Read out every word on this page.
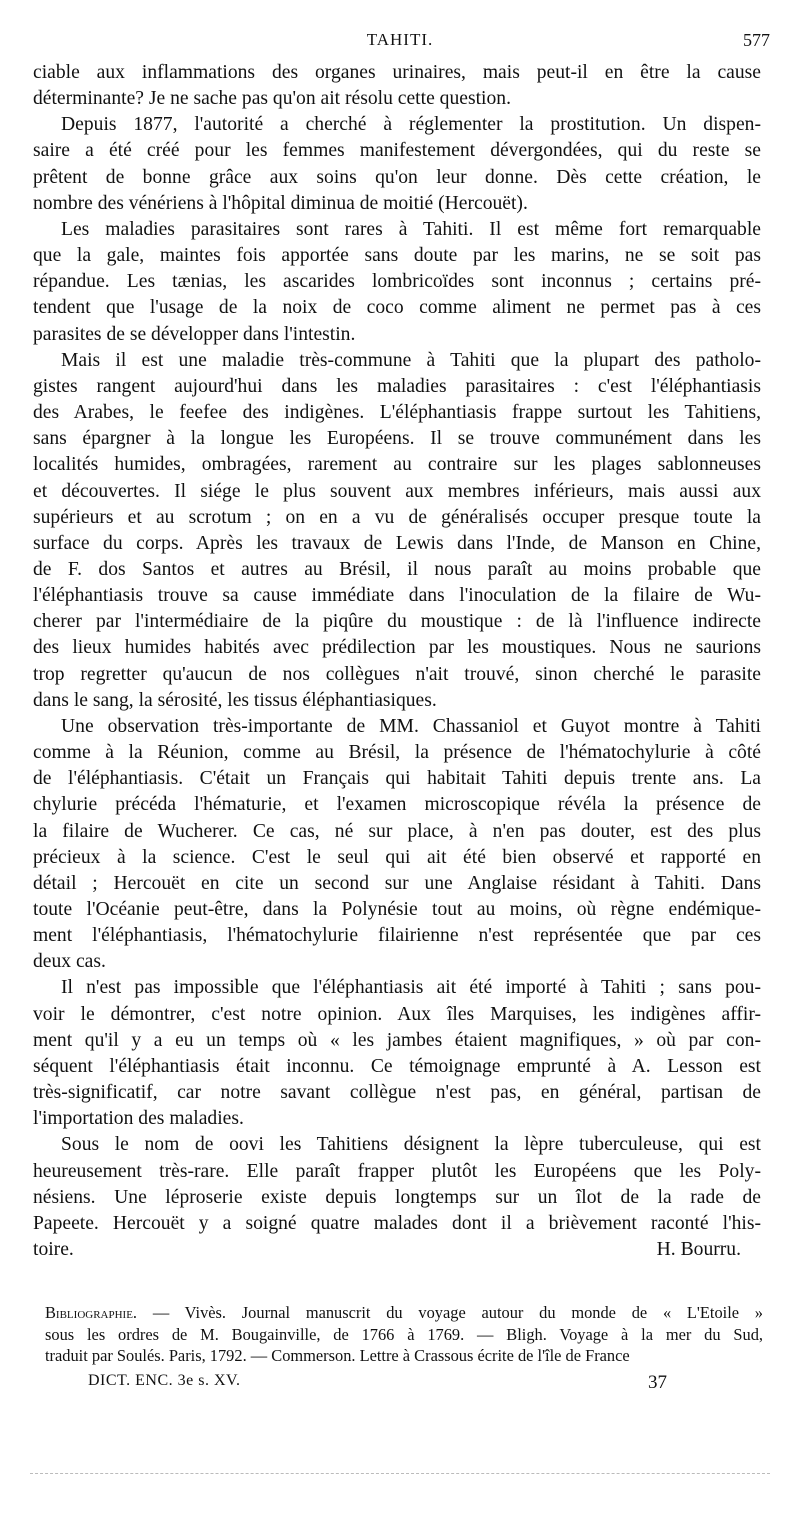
TAHITI.	577
ciable aux inflammations des organes urinaires, mais peut-il en être la cause
déterminante? Je ne sache pas qu'on ait résolu cette question.
Depuis 1877, l'autorité a cherché à réglementer la prostitution. Un dispen-
saire a été créé pour les femmes manifestement dévergondées, qui du reste se
prêtent de bonne grâce aux soins qu'on leur donne. Dès cette création, le
nombre des vénériens à l'hôpital diminua de moitié (Hercouët).
Les maladies parasitaires sont rares à Tahiti. Il est même fort remarquable
que la gale, maintes fois apportée sans doute par les marins, ne se soit pas
répandue. Les tænias, les ascarides lombricoïdes sont inconnus ; certains pré-
tendent que l'usage de la noix de coco comme aliment ne permet pas à ces
parasites de se développer dans l'intestin.
Mais il est une maladie très-commune à Tahiti que la plupart des patholo-
gistes rangent aujourd'hui dans les maladies parasitaires : c'est l'éléphantiasis
des Arabes, le feefee des indigènes. L'éléphantiasis frappe surtout les Tahitiens,
sans épargner à la longue les Européens. Il se trouve communément dans les
localités humides, ombragées, rarement au contraire sur les plages sablonneuses
et découvertes. Il siége le plus souvent aux membres inférieurs, mais aussi aux
supérieurs et au scrotum ; on en a vu de généralisés occuper presque toute la
surface du corps. Après les travaux de Lewis dans l'Inde, de Manson en Chine,
de F. dos Santos et autres au Brésil, il nous paraît au moins probable que
l'éléphantiasis trouve sa cause immédiate dans l'inoculation de la filaire de Wu-
cherer par l'intermédiaire de la piqûre du moustique : de là l'influence indirecte
des lieux humides habités avec prédilection par les moustiques. Nous ne saurions
trop regretter qu'aucun de nos collègues n'ait trouvé, sinon cherché le parasite
dans le sang, la sérosité, les tissus éléphantiasiques.
Une observation très-importante de MM. Chassaniol et Guyot montre à Tahiti
comme à la Réunion, comme au Brésil, la présence de l'hématochylurie à côté
de l'éléphantiasis. C'était un Français qui habitait Tahiti depuis trente ans. La
chylurie précéda l'hématurie, et l'examen microscopique révéla la présence de
la filaire de Wucherer. Ce cas, né sur place, à n'en pas douter, est des plus
précieux à la science. C'est le seul qui ait été bien observé et rapporté en
détail ; Hercouët en cite un second sur une Anglaise résidant à Tahiti. Dans
toute l'Océanie peut-être, dans la Polynésie tout au moins, où règne endémique-
ment l'éléphantiasis, l'hématochylurie filairienne n'est représentée que par ces
deux cas.
Il n'est pas impossible que l'éléphantiasis ait été importé à Tahiti ; sans pou-
voir le démontrer, c'est notre opinion. Aux îles Marquises, les indigènes affir-
ment qu'il y a eu un temps où « les jambes étaient magnifiques, » où par con-
séquent l'éléphantiasis était inconnu. Ce témoignage emprunté à A. Lesson est
très-significatif, car notre savant collègue n'est pas, en général, partisan de
l'importation des maladies.
Sous le nom de oovi les Tahitiens désignent la lèpre tuberculeuse, qui est
heureusement très-rare. Elle paraît frapper plutôt les Européens que les Poly-
nésiens. Une léproserie existe depuis longtemps sur un îlot de la rade de
Papeete. Hercouët y a soigné quatre malades dont il a brièvement raconté l'his-
toire.	H. Bourru.
Bibliographie. — Vivès. Journal manuscrit du voyage autour du monde de « L'Etoile »
sous les ordres de M. Bougainville, de 1766 à 1769. — Bligh. Voyage à la mer du Sud,
traduit par Soulés. Paris, 1792. — Commerson. Lettre à Crassous écrite de l'île de France
DICT. ENC. 3e s. XV.	37
